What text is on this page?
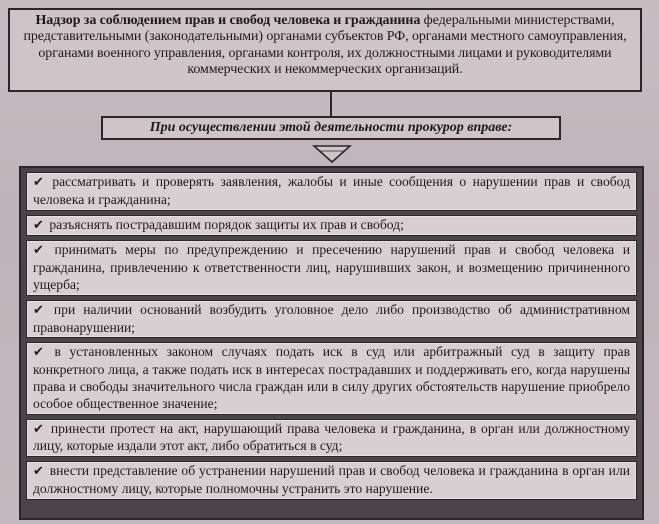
Надзор за соблюдением прав и свобод человека и гражданина федеральными министерствами, представительными (законодательными) органами субъектов РФ, органами местного самоуправления, органами военного управления, органами контроля, их должностными лицами и руководителями коммерческих и некоммерческих организаций.
При осуществлении этой деятельности прокурор вправе:
✔ рассматривать и проверять заявления, жалобы и иные сообщения о нарушении прав и свобод человека и гражданина;
✔ разъяснять пострадавшим порядок защиты их прав и свобод;
✔ принимать меры по предупреждению и пресечению нарушений прав и свобод человека и гражданина, привлечению к ответственности лиц, нарушивших закон, и возмещению причиненного ущерба;
✔ при наличии оснований возбудить уголовное дело либо производство об административном правонарушении;
✔ в установленных законом случаях подать иск в суд или арбитражный суд в защиту прав конкретного лица, а также подать иск в интересах пострадавших и поддерживать его, когда нарушены права и свободы значительного числа граждан или в силу других обстоятельств нарушение приобрело особое общественное значение;
✔ принести протест на акт, нарушающий права человека и гражданина, в орган или должностному лицу, которые издали этот акт, либо обратиться в суд;
✔ внести представление об устранении нарушений прав и свобод человека и гражданина в орган или должностному лицу, которые полномочны устранить это нарушение.
